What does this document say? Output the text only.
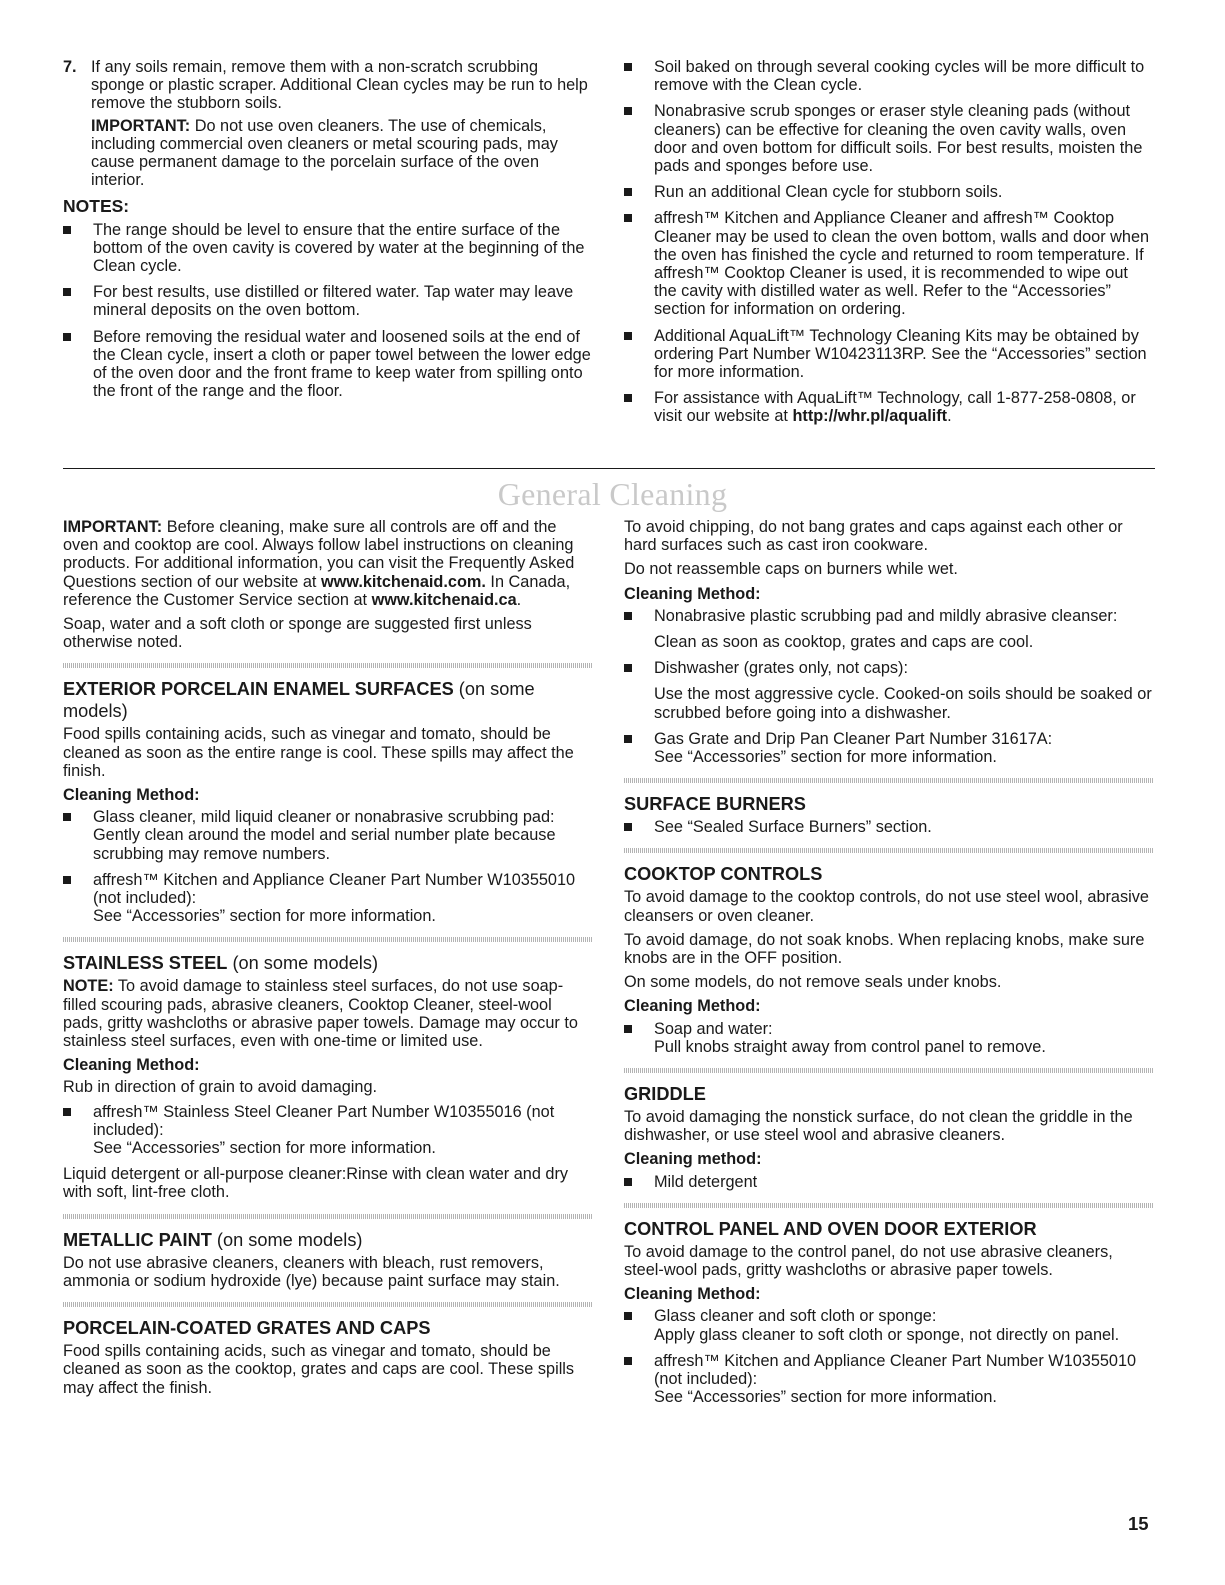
7. If any soils remain, remove them with a non-scratch scrubbing sponge or plastic scraper. Additional Clean cycles may be run to help remove the stubborn soils.

IMPORTANT: Do not use oven cleaners. The use of chemicals, including commercial oven cleaners or metal scouring pads, may cause permanent damage to the porcelain surface of the oven interior.

NOTES:
The range should be level to ensure that the entire surface of the bottom of the oven cavity is covered by water at the beginning of the Clean cycle.
For best results, use distilled or filtered water. Tap water may leave mineral deposits on the oven bottom.
Before removing the residual water and loosened soils at the end of the Clean cycle, insert a cloth or paper towel between the lower edge of the oven door and the front frame to keep water from spilling onto the front of the range and the floor.
Soil baked on through several cooking cycles will be more difficult to remove with the Clean cycle.
Nonabrasive scrub sponges or eraser style cleaning pads (without cleaners) can be effective for cleaning the oven cavity walls, oven door and oven bottom for difficult soils. For best results, moisten the pads and sponges before use.
Run an additional Clean cycle for stubborn soils.
affresh™ Kitchen and Appliance Cleaner and affresh™ Cooktop Cleaner may be used to clean the oven bottom, walls and door when the oven has finished the cycle and returned to room temperature. If affresh™ Cooktop Cleaner is used, it is recommended to wipe out the cavity with distilled water as well. Refer to the “Accessories” section for information on ordering.
Additional AquaLift™ Technology Cleaning Kits may be obtained by ordering Part Number W10423113RP. See the “Accessories” section for more information.
For assistance with AquaLift™ Technology, call 1-877-258-0808, or visit our website at http://whr.pl/aqualift.
General Cleaning

IMPORTANT: Before cleaning, make sure all controls are off and the oven and cooktop are cool. Always follow label instructions on cleaning products. For additional information, you can visit the Frequently Asked Questions section of our website at www.kitchenaid.com. In Canada, reference the Customer Service section at www.kitchenaid.ca.

Soap, water and a soft cloth or sponge are suggested first unless otherwise noted.

EXTERIOR PORCELAIN ENAMEL SURFACES (on some models)

Food spills containing acids, such as vinegar and tomato, should be cleaned as soon as the entire range is cool. These spills may affect the finish.

Cleaning Method:
Glass cleaner, mild liquid cleaner or nonabrasive scrubbing pad:
Gently clean around the model and serial number plate because scrubbing may remove numbers.
affresh™ Kitchen and Appliance Cleaner Part Number W10355010 (not included):
See “Accessories” section for more information.
STAINLESS STEEL (on some models)

NOTE: To avoid damage to stainless steel surfaces, do not use soap-filled scouring pads, abrasive cleaners, Cooktop Cleaner, steel-wool pads, gritty washcloths or abrasive paper towels. Damage may occur to stainless steel surfaces, even with one-time or limited use.

Cleaning Method:

Rub in direction of grain to avoid damaging.

affresh™ Stainless Steel Cleaner Part Number W10355016 (not included):
See “Accessories” section for more information.

Liquid detergent or all-purpose cleaner:Rinse with clean water and dry with soft, lint-free cloth.

METALLIC PAINT (on some models)

Do not use abrasive cleaners, cleaners with bleach, rust removers, ammonia or sodium hydroxide (lye) because paint surface may stain.

PORCELAIN-COATED GRATES AND CAPS

Food spills containing acids, such as vinegar and tomato, should be cleaned as soon as the cooktop, grates and caps are cool. These spills may affect the finish.

To avoid chipping, do not bang grates and caps against each other or hard surfaces such as cast iron cookware.

Do not reassemble caps on burners while wet.

Cleaning Method:
Nonabrasive plastic scrubbing pad and mildly abrasive cleanser:
Clean as soon as cooktop, grates and caps are cool.
Dishwasher (grates only, not caps):
Use the most aggressive cycle. Cooked-on soils should be soaked or scrubbed before going into a dishwasher.
Gas Grate and Drip Pan Cleaner Part Number 31617A:
See “Accessories” section for more information.
SURFACE BURNERS
See “Sealed Surface Burners” section.
COOKTOP CONTROLS

To avoid damage to the cooktop controls, do not use steel wool, abrasive cleansers or oven cleaner.

To avoid damage, do not soak knobs. When replacing knobs, make sure knobs are in the OFF position.

On some models, do not remove seals under knobs.

Cleaning Method:
Soap and water:
Pull knobs straight away from control panel to remove.
GRIDDLE

To avoid damaging the nonstick surface, do not clean the griddle in the dishwasher, or use steel wool and abrasive cleaners.

Cleaning method:
Mild detergent
CONTROL PANEL AND OVEN DOOR EXTERIOR

To avoid damage to the control panel, do not use abrasive cleaners, steel-wool pads, gritty washcloths or abrasive paper towels.

Cleaning Method:
Glass cleaner and soft cloth or sponge:
Apply glass cleaner to soft cloth or sponge, not directly on panel.
affresh™ Kitchen and Appliance Cleaner Part Number W10355010 (not included):
See “Accessories” section for more information.
15
